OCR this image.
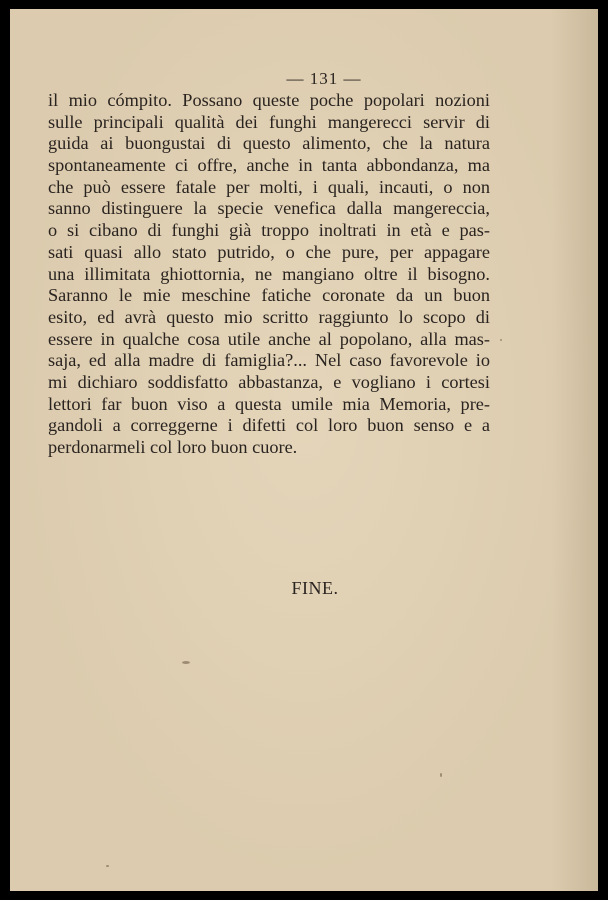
— 131 —
il mio cómpito. Possano queste poche popolari nozioni
sulle principali qualità dei funghi mangerecci servir di
guida ai buongustai di questo alimento, che la natura
spontaneamente ci offre, anche in tanta abbondanza, ma
che può essere fatale per molti, i quali, incauti, o non
sanno distinguere la specie venefica dalla mangereccia,
o si cibano di funghi già troppo inoltrati in età e pas-
sati quasi allo stato putrido, o che pure, per appagare
una illimitata ghiottornia, ne mangiano oltre il bisogno.
Saranno le mie meschine fatiche coronate da un buon
esito, ed avrà questo mio scritto raggiunto lo scopo di
essere in qualche cosa utile anche al popolano, alla mas-
saja, ed alla madre di famiglia?... Nel caso favorevole io
mi dichiaro soddisfatto abbastanza, e vogliano i cortesi
lettori far buon viso a questa umile mia Memoria, pre-
gandoli a correggerne i difetti col loro buon senso e a
perdonarmeli col loro buon cuore.
FINE.
